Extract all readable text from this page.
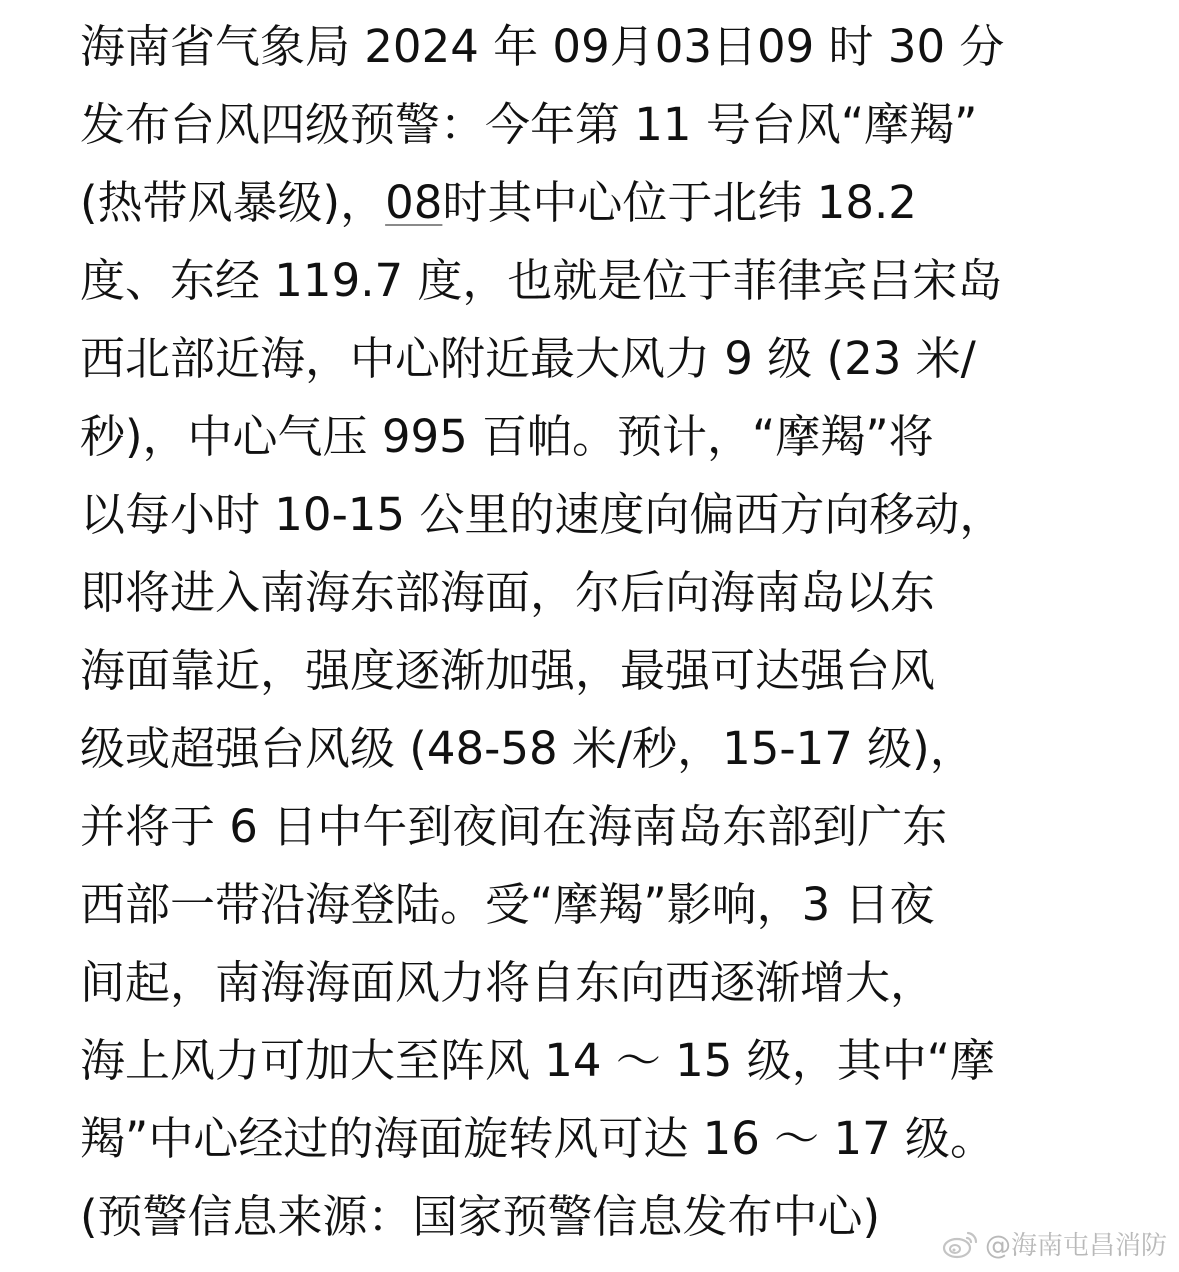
海南省气象局 2024 年 09月03日09 时 30 分
发布台风四级预警：今年第 11 号台风“摩羯”
(热带风暴级)，08时其中心位于北纬 18.2
度、东经 119.7 度，也就是位于菲律宾吕宋岛
西北部近海，中心附近最大风力 9 级 (23 米/
秒)，中心气压 995 百帕。预计，“摩羯”将
以每小时 10-15 公里的速度向偏西方向移动，
即将进入南海东部海面，尔后向海南岛以东
海面靠近，强度逐渐加强，最强可达强台风
级或超强台风级 (48-58 米/秒，15-17 级)，
并将于 6 日中午到夜间在海南岛东部到广东
西部一带沿海登陆。受“摩羯”影响，3 日夜
间起，南海海面风力将自东向西逐渐增大，
海上风力可加大至阵风 14 ～ 15 级，其中“摩
羯”中心经过的海面旋转风可达 16 ～ 17 级。
(预警信息来源：国家预警信息发布中心)
@海南屯昌消防
